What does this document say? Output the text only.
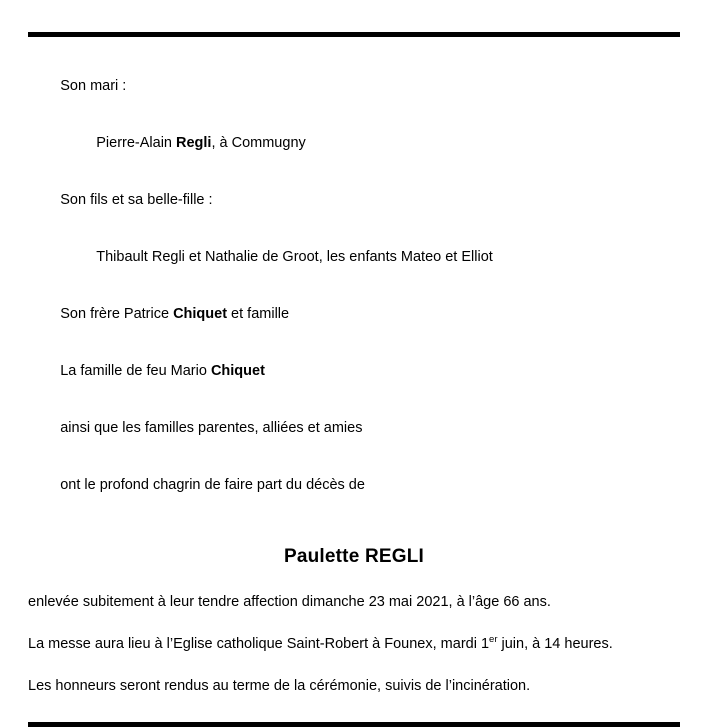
Son mari :

Pierre-Alain Regli, à Commugny

Son fils et sa belle-fille :

Thibault Regli et Nathalie de Groot, les enfants Mateo et Elliot

Son frère Patrice Chiquet et famille

La famille de feu Mario Chiquet

ainsi que les familles parentes, alliées et amies

ont le profond chagrin de faire part du décès de

Paulette REGLI
enlevée subitement à leur tendre affection dimanche 23 mai 2021, à l’âge 66 ans.
La messe aura lieu à l’Eglise catholique Saint-Robert à Founex, mardi 1er juin, à 14 heures.
Les honneurs seront rendus au terme de la cérémonie, suivis de l’incinération.
